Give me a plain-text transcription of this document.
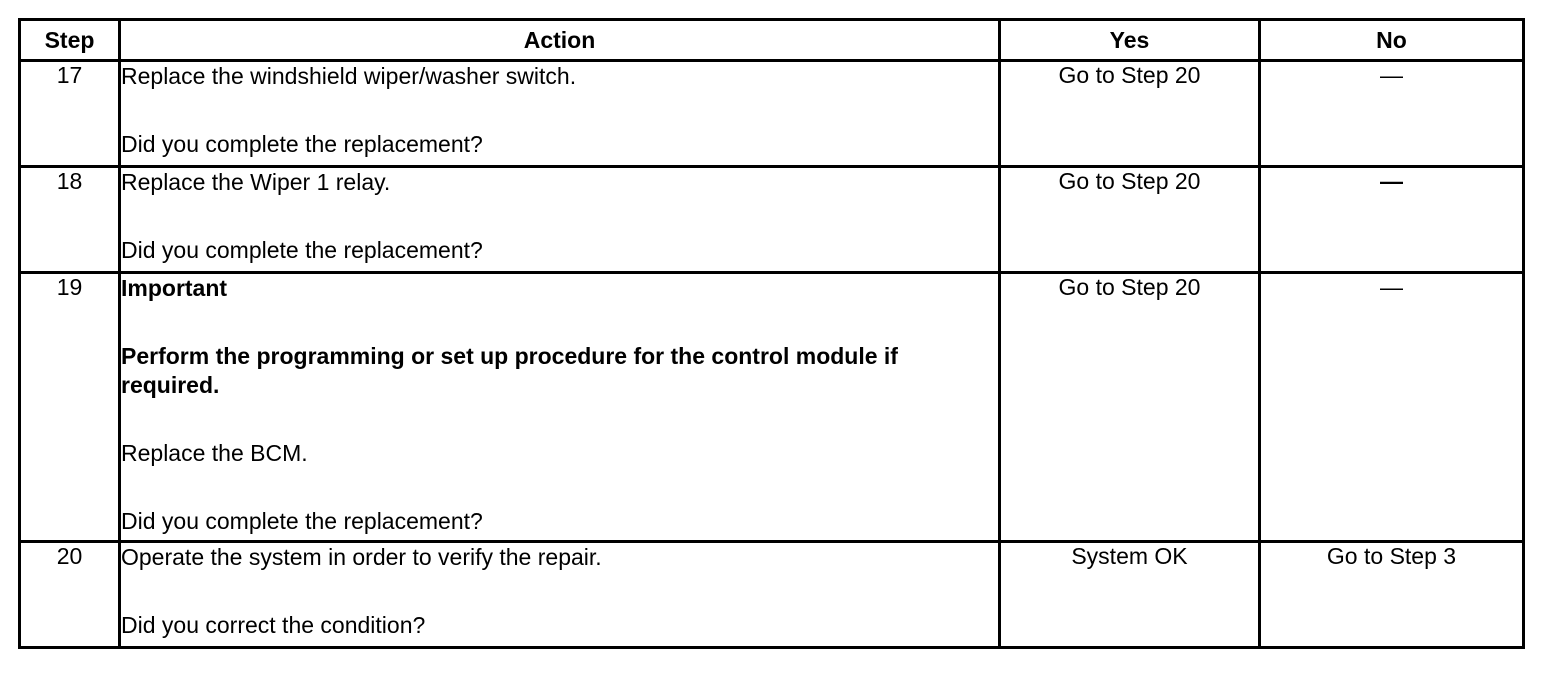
Step	Action	Yes	No
17	Replace the windshield wiper/washer switch.

Did you complete the replacement?	Go to Step 20	—
18	Replace the Wiper 1 relay.

Did you complete the replacement?	Go to Step 20	—
19	Important

Perform the programming or set up procedure for the control module if required.

Replace the BCM.

Did you complete the replacement?	Go to Step 20	—
20	Operate the system in order to verify the repair.

Did you correct the condition?	System OK	Go to Step 3
